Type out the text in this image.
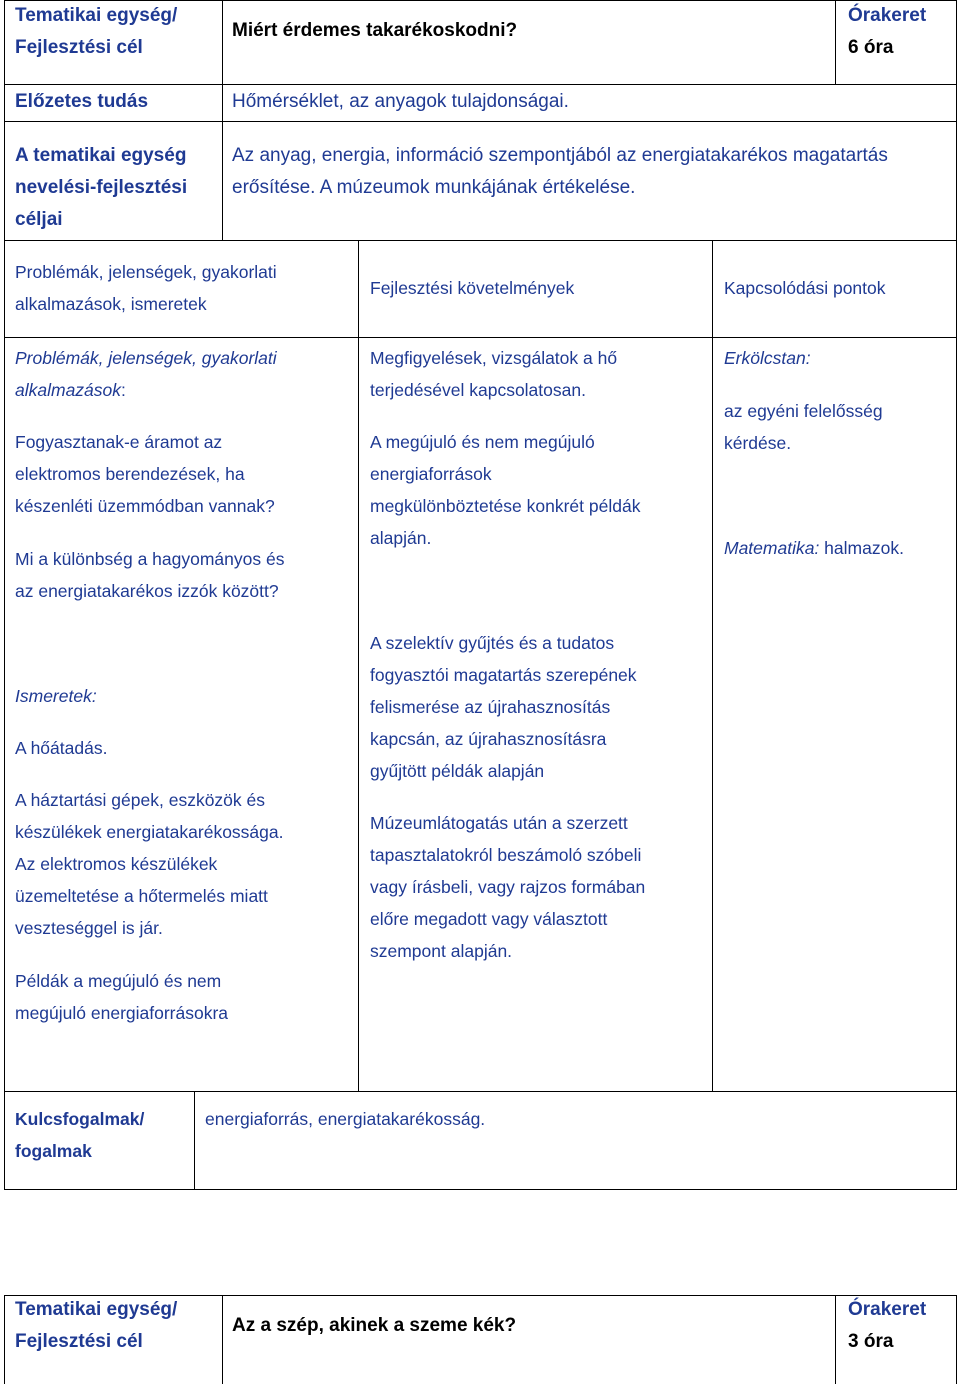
Tematikai egység/
Fejlesztési cél
Miért érdemes takarékoskodni?
Órakeret
6 óra
Előzetes tudás	Hőmérséklet, az anyagok tulajdonságai.
A tematikai egység
nevelési-fejlesztési
céljai
Az anyag, energia, információ szempontjából az energiatakarékos magatartás
erősítése. A múzeumok munkájának értékelése.
Problémák, jelenségek, gyakorlati
alkalmazások, ismeretek
Fejlesztési követelmények	Kapcsolódási pontok
Problémák, jelenségek, gyakorlati
alkalmazások:
Fogyasztanak-e áramot az
elektromos berendezések, ha
készenléti üzemmódban vannak?
Mi a különbség a hagyományos és
az energiatakarékos izzók között?
Ismeretek:
A hőátadás.
A háztartási gépek, eszközök és
készülékek energiatakarékossága.
Az elektromos készülékek
üzemeltetése a hőtermelés miatt
veszteséggel is jár.
Példák a megújuló és nem
megújuló energiaforrásokra
Megfigyelések, vizsgálatok a hő
terjedésével kapcsolatosan.
A megújuló és nem megújuló
energiaforrások
megkülönböztetése konkrét példák
alapján.
A szelektív gyűjtés és a tudatos
fogyasztói magatartás szerepének
felismerése az újrahasznosítás
kapcsán, az újrahasznosításra
gyűjtött példák alapján
Múzeumlátogatás után a szerzett
tapasztalatokról beszámoló szóbeli
vagy írásbeli, vagy rajzos formában
előre megadott vagy választott
szempont alapján.
Erkölcstan:
az egyéni felelősség
kérdése.
Matematika: halmazok.
Kulcsfogalmak/
fogalmak
energiaforrás, energiatakarékosság.
Tematikai egység/
Fejlesztési cél
Az a szép, akinek a szeme kék?
Órakeret
3 óra
